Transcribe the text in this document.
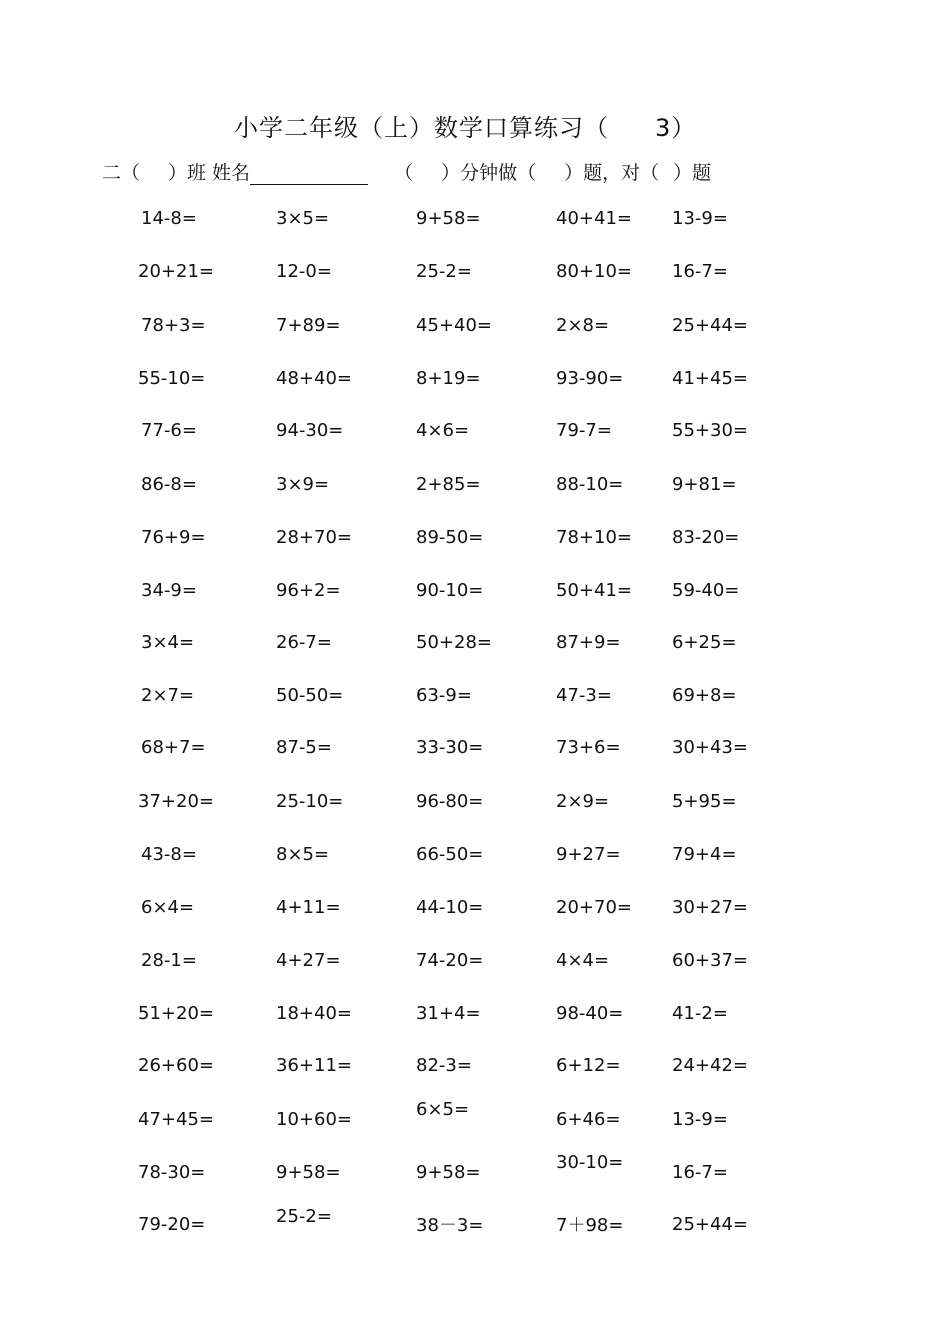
小学二年级（上）数学口算练习（ 3）
二（ ）班 姓名	（ ）分钟做（ ）题，对（ ）题
14-8=	3×5=	9+58=	40+41= 13-9=
20+21=	12-0=	25-2=	80+10= 16-7=
78+3=	7+89=	45+40=	2×8=	25+44=
55-10=	48+40=	8+19=	93-90=	41+45=
77-6=	94-30=	4×6=	79-7=	55+30=
86-8=	3×9=	2+85=	88-10=	9+81=
76+9=	28+70=	89-50=	78+10= 83-20=
34-9=	96+2=	90-10=	50+41= 59-40=
3×4=	26-7=	50+28=	87+9=	6+25=
2×7=	50-50=	63-9=	47-3=	69+8=
68+7=	87-5=	33-30=	73+6=	30+43=
37+20=	25-10=	96-80=	2×9=	5+95=
43-8=	8×5=	66-50=	9+27=	79+4=
6×4=	4+11=	44-10=	20+70= 30+27=
28-1=	4+27=	74-20=	4×4=	60+37=
51+20=	18+40=	31+4=	98-40=	41-2=
26+60=	36+11=	82-3=	6+12=	24+42=
47+45=	10+60=	6×5=	6+46=	13-9=
78-30=	9+58=	9+58=	30-10=	16-7=
79-20=	25-2=	38－3=	7＋98=	25+44=
